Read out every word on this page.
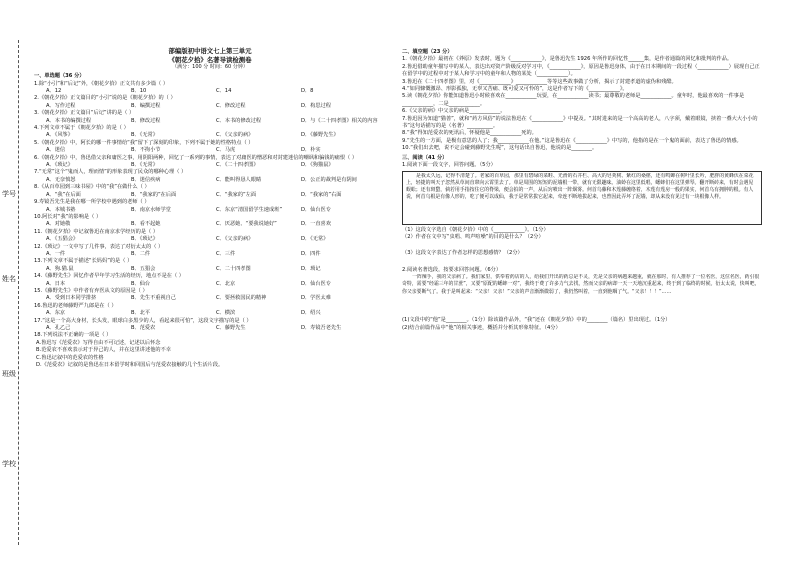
学号
姓名
班级
学校
部编版初中语文七上第三单元
《朝花夕拾》名著导读检测卷
（满分：100 分 时间：60 分钟）
一、单选题（36 分）
1.除“小引”和“后记”外，《朝花夕拾》正文共有多少篇（ ）
A．12	B．10	C．14	D．8
2.《朝花夕拾》正文篇目的“小引”说的是《朝花夕拾》的（ ）
A．写作过程	B．编撰过程	C．修改过程	D．构思过程
3.《朝花夕拾》正文篇目“后记”讲的是（ ）
A．本书的编撰过程	B．修改过程	C．本书的修改过程	D．与《二十四孝图》相关的内容
4.下列文章不属于《朝花夕拾》的是（ ）
A．《风筝》	B．《无常》	C．《父亲的病》	D．《藤野先生》
5.《朝花夕拾》中，阿长的哪一件事情给“我”留下了深刻的印象，下列不属于她的性格特点（ ）
A．迷信	B．不拘小节	C．马虎	D．朴实
6.《朝花夕拾》中，鲁迅借父亲和庸医之事，用阴阳两种，回忆了一系列的事情，表达了对庸医的憎恶和对封建迷信的嘲讽和骗钱的痛恨（ ）
A．《琐记》	B．《无常》	C．《二十四孝图》	D．《狗猫鼠》
7.“无常”这个“鬼而人，理而情”的形象表现了民众的哪种心理（ ）
A．无奈愤怒	B．迷信疾病	C．能叫得恳人眼睛	D．公正的裁判是有阴间
8.《从百草园到三味书屋》中的“我”在做什么（ ）
A．“我”在后面	B．“我家的”在后面	C．“我家的”左面	D．“我家的”右面
9.寿镜吾先生是我在哪一所学校中遇到的老师（ ）
A．本城书塾	B．南京水师学堂	C．东京“清国留学生速成班”	D．仙台医专
10.阿长对“我”的影响是（ ）
A．对她敬	B．看不起她	C．厌恶她、“要我说她好”	D．一直喜欢
11.《朝花夕拾》中记叙鲁迅在南京求学经历的是（ ）
A．《五猖会》	B．《琐记》	C．《父亲的病》	D．《无常》
12.《琐记》一文中写了几件事，表达了对衍太太的（ ）
A．一件	B．二件	C．三件	D．四件
13.下列文章不属于描述“长妈妈”的是（ ）
A．狗.猫.鼠	B．五猖会	C．二十四孝图	D．琐记
14.《藤野先生》回忆作者早年学习生活的经历，地点不是在（ ）
A．日本	B．仙台	C．北京	D．仙台医专
15.《藤野先生》中作者有弃医从文的原因是（ ）
A．受到日本同学排挤	B．先生不重视自己	C．要拯救国民的精神	D．学医太难
16.鲁迅的老师藤野严九郎是在（ ）
A．东京	B．北平	C．横滨	D．绍兴
17.“这是一个高大身材，长头发，眼球白多黑少的人，看起来很可怕”，这段文字描写的是（ ）
A．孔乙己	B．范爱农	C．藤野先生	D．寿镜吾老先生
18.下列说法不正确的一项是（ ）
A.鲁迅写《范爱农》写得自由不可记述，记述以后怀念
B.范爱农不喜欢表示对于异己的人，并在这里讲述他的不幸
C.鲁迅记叙中的范爱农的性格
D.《范爱农》记叙的是鲁迅在日本留学时和回国后与范爱农接触的几个生活片段。
二、填空题（23 分）
1.《朝花夕拾》最初在《莽原》发表时，题为《____________》，是鲁迅先生 1926 年所作的回忆性______集，是作者通篇的回忆和批判的作品。
2.鲁迅借助童年描写中的某人，表达出对资产阶级反对学习中，《____________》，原因是鲁迅身体，由于在日本期间的一段过程（____________）展现自己正在留学中的过程中对于某人和学习中的童年和人物的某处（____________）。
3.鲁迅在《二十四孝图》里，对《____________》____________等等这些故事做了分析，揭示了封建孝道的虚伪和残酷。
4.“如同慷慨激昂、形影孤独，无辜又苦痛、既可爱又可怜的”，这是作者写下的《____________》。
5.读《朝花夕拾》你能知道鲁迅小时候喜欢在____________玩耍，在____________读书；最尊敬的老师是____________。童年时，他最喜欢的一件事是____________，二是____________。
6.《父亲的病》中父亲的病是____________。
7.鲁迅因为知道“猫善”，就和“药方风俗”的说法鲁迅在《____________》中提及。“其时进来的是一个高高的老人，八字须，戴着眼镜，挟着一叠大大小小的书”这句话描写的是（名著）__________。
8.“我”得知范爱农的死讯后，怀疑他是____________死的。
9.“先生的一方面，是极有意思的人了；我____________在他。”这是鲁迅在《____________》中写的，他指的是在一个鬼的面前，表达了鲁迅的情感。
10.“我们出去吧，说不定会碰到藤野先生呢”，这句话出自鲁迅，他说的是________。
三、阅读（41 分）
1.阅读下面一段文字，回答问题。（5分）
是我太久远，记得不清楚了。老家的百草园，那里有碧绿的菜畦、光滑的石井栏、高大的皂荚树、紫红的桑椹，还有鸣蝉在树叶里长吟，肥胖的黄蜂伏在菜花上，轻捷的叫天子忽然从草间直窜向云霄里去了。单是周围的短短的泥墙根一带，就有无限趣味。油蛉在这里低唱，蟋蟀们在这里弹琴。翻开断砖来，有时会遇见蜈蚣；还有斑蝥，倘若用手指按住它的脊梁，便会拍的一声，从后窍喷出一阵烟雾。何首乌藤和木莲藤缠络着，木莲有莲房一般的果实，何首乌有拥肿的根。有人说，何首乌根是有像人形的，吃了便可以成仙，我于是常常拔它起来，牵连不断地拔起来，也曾因此弄坏了泥墙，却从来没有见过有一块根像人样。
（1）这段文字选自《朝花夕拾》中的《____________》。（1分）
（2）作者在文中写“虫唱、鸣声喧噪”的目的是什么？（2分）
（3）这段文字表达了作者怎样的思想感情？（2分）
2.阅读名著选段，按要求回答问题。（6分）
一阵辣手，我的父亲病了。我们家里，供奉着药店的人，给我们开出的药总是不灵，先是父亲的病越来越重，就在那时，有人推荐了一位名医，这位名医，药引很奇特，需要“经霜三年的甘蔗”，又要“原配的蟋蟀一对”，我终于费了许多力气去找，然而父亲的病却一天一天地沉重起来，终于到了临终的时候。衍太太说，快叫吧，你父亲要断气了。我于是叫起来：“父亲！父亲！”父亲的声音渐渐微弱了，我仍然叫着，一直到他咽了气。“父亲！！！”……
(1)文段中的“他”是________。（1分）除该篇作品外，“我”还在《朝花夕拾》中的________（篇名）里出现过。（1分）
(2)结合前篇作品中“他”的相关事迹，概括并分析其形象特征。（4分）
